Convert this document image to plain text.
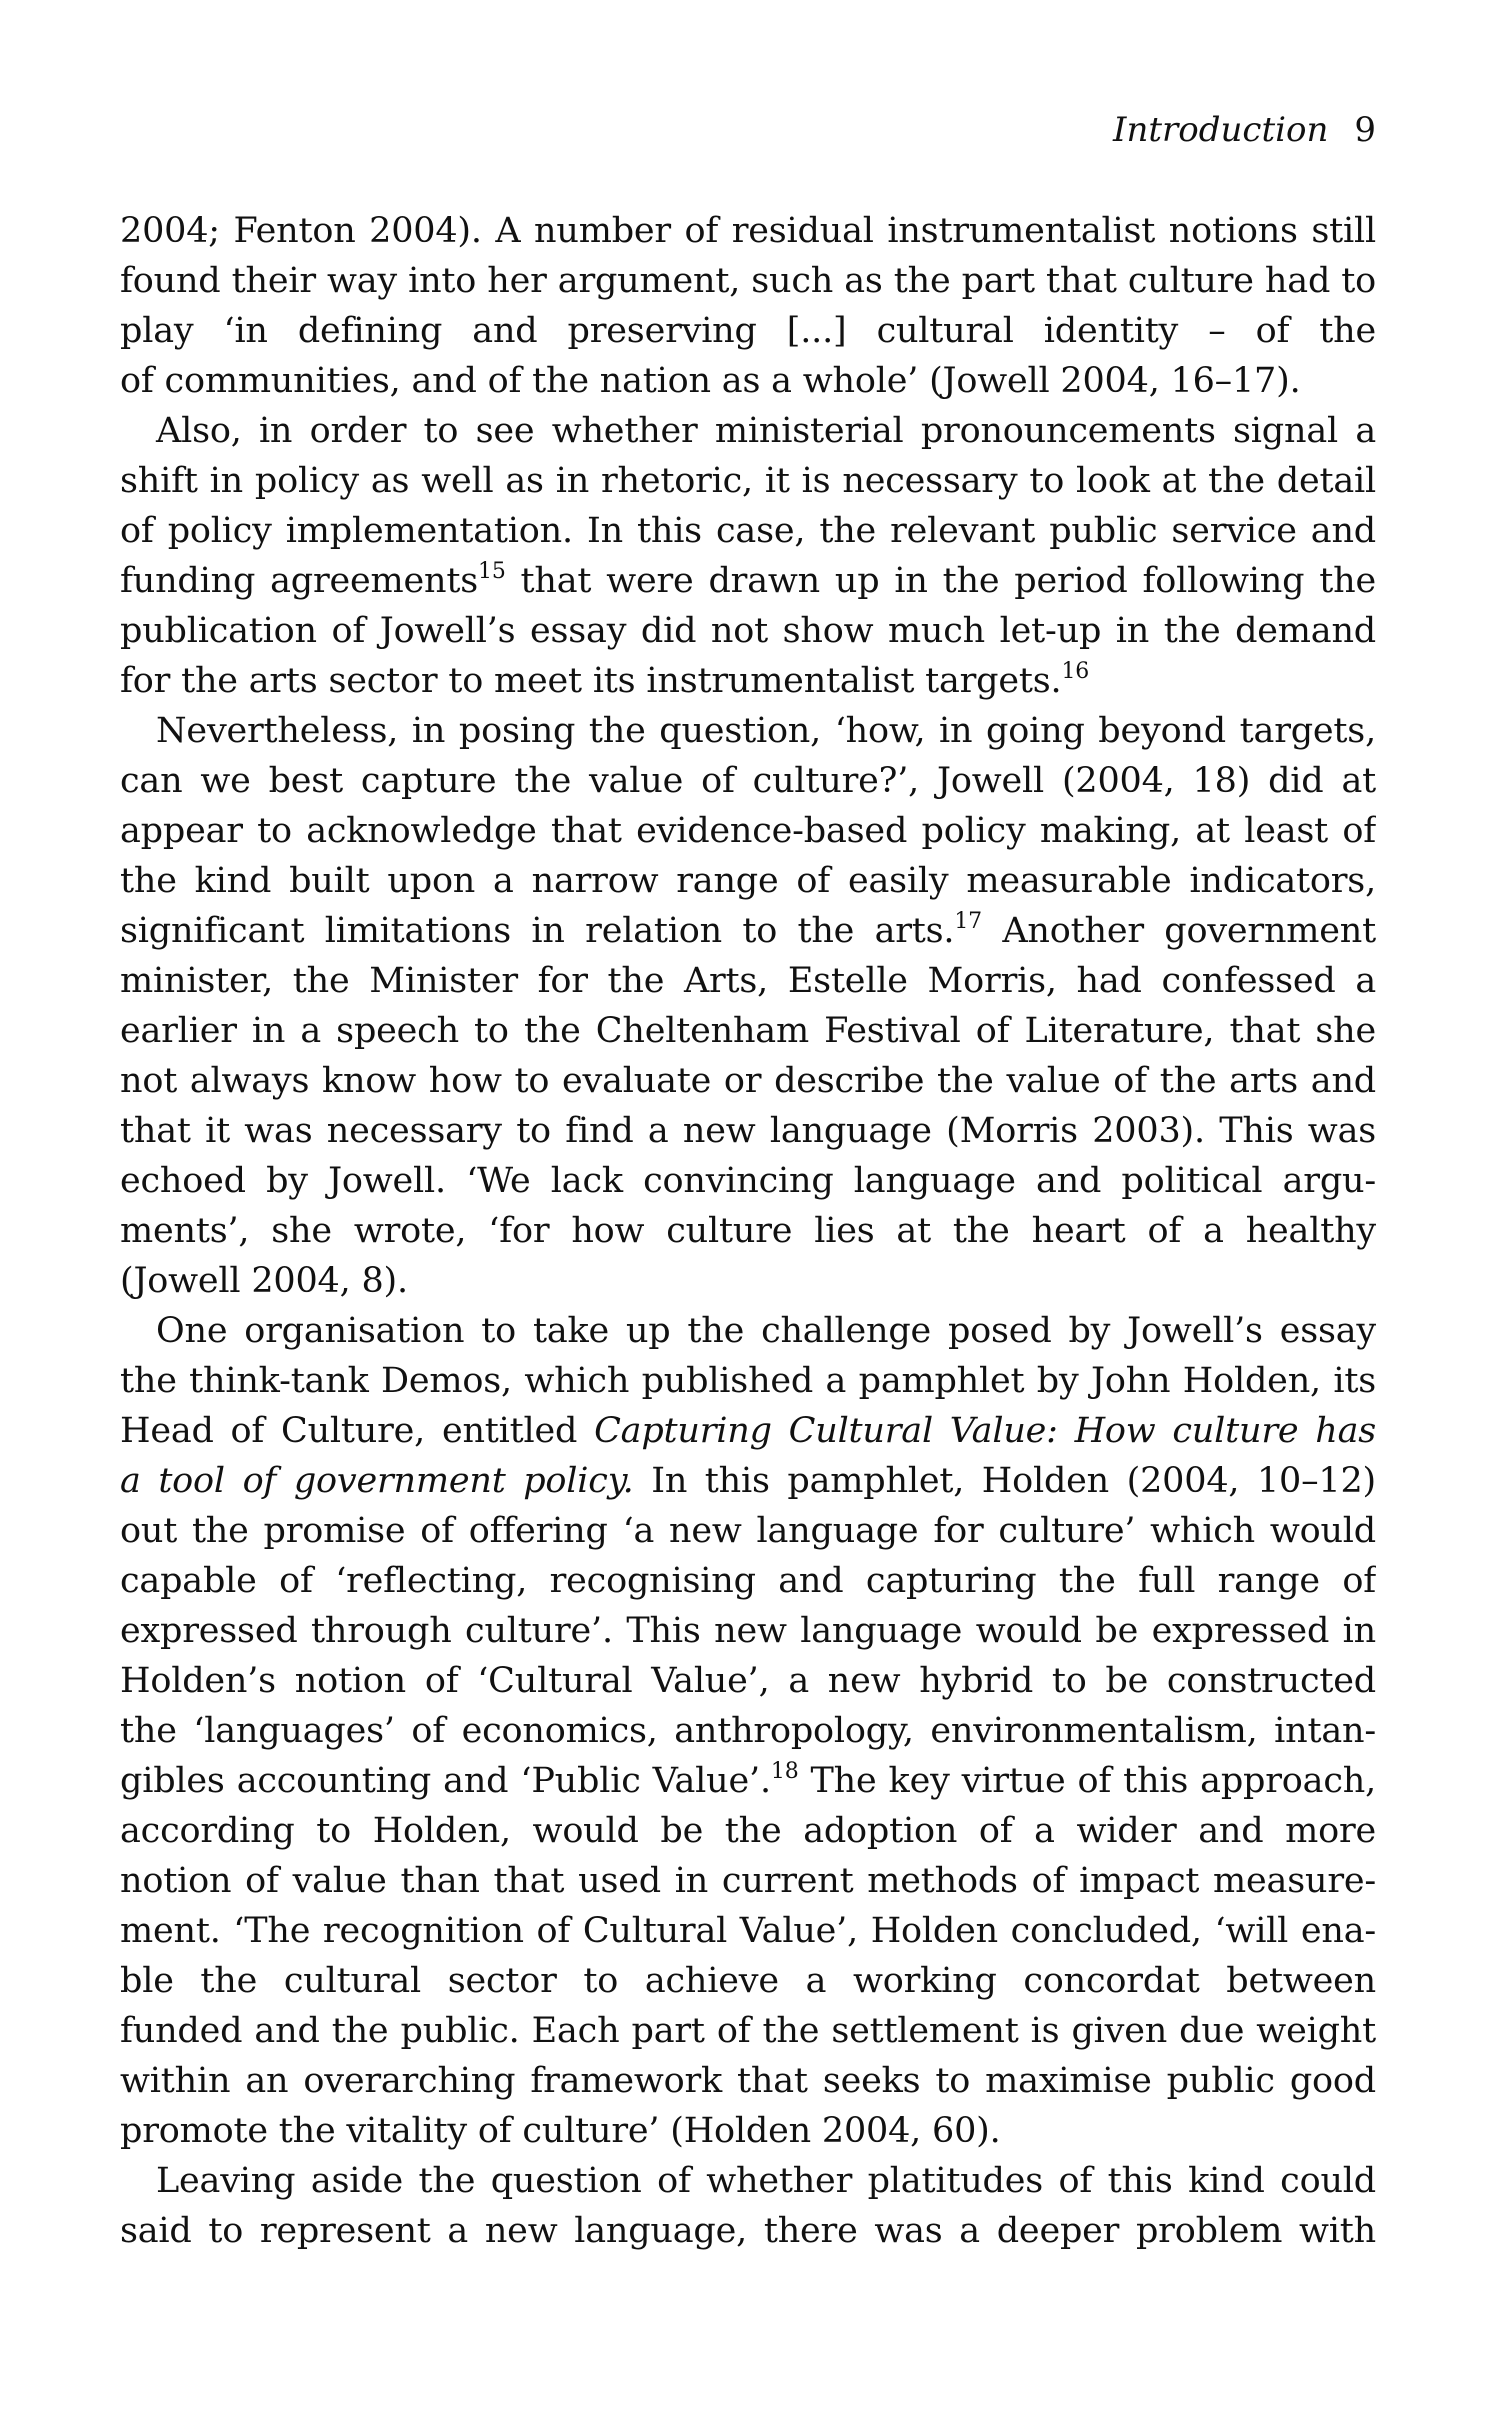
Introduction 9
2004; Fenton 2004). A number of residual instrumentalist notions still
found their way into her argument, such as the part that culture had to
play ‘in defining and preserving [...] cultural identity – of the
of communities, and of the nation as a whole’ (Jowell 2004, 16–17).
Also, in order to see whether ministerial pronouncements signal a
shift in policy as well as in rhetoric, it is necessary to look at the detail
of policy implementation. In this case, the relevant public service and
funding agreements$^{15}$ that were drawn up in the period following the
publication of Jowell’s essay did not show much let-up in the demand
for the arts sector to meet its instrumentalist targets.$^{16}$
Nevertheless, in posing the question, ‘how, in going beyond targets,
can we best capture the value of culture?’, Jowell (2004, 18) did at
appear to acknowledge that evidence-based policy making, at least of
the kind built upon a narrow range of easily measurable indicators,
significant limitations in relation to the arts.$^{17}$ Another government
minister, the Minister for the Arts, Estelle Morris, had confessed a
earlier in a speech to the Cheltenham Festival of Literature, that she
not always know how to evaluate or describe the value of the arts and
that it was necessary to find a new language (Morris 2003). This was
echoed by Jowell. ‘We lack convincing language and political argu-
ments’, she wrote, ‘for how culture lies at the heart of a healthy
(Jowell 2004, 8).
One organisation to take up the challenge posed by Jowell’s essay
the think-tank Demos, which published a pamphlet by John Holden, its
Head of Culture, entitled Capturing Cultural Value: How culture has
a tool of government policy. In this pamphlet, Holden (2004, 10–12)
out the promise of offering ‘a new language for culture’ which would
capable of ‘reflecting, recognising and capturing the full range of
expressed through culture’. This new language would be expressed in
Holden’s notion of ‘Cultural Value’, a new hybrid to be constructed
the ‘languages’ of economics, anthropology, environmentalism, intan-
gibles accounting and ‘Public Value’.$^{18}$ The key virtue of this approach,
according to Holden, would be the adoption of a wider and more
notion of value than that used in current methods of impact measure-
ment. ‘The recognition of Cultural Value’, Holden concluded, ‘will ena-
ble the cultural sector to achieve a working concordat between
funded and the public. Each part of the settlement is given due weight
within an overarching framework that seeks to maximise public good
promote the vitality of culture’ (Holden 2004, 60).
Leaving aside the question of whether platitudes of this kind could
said to represent a new language, there was a deeper problem with
